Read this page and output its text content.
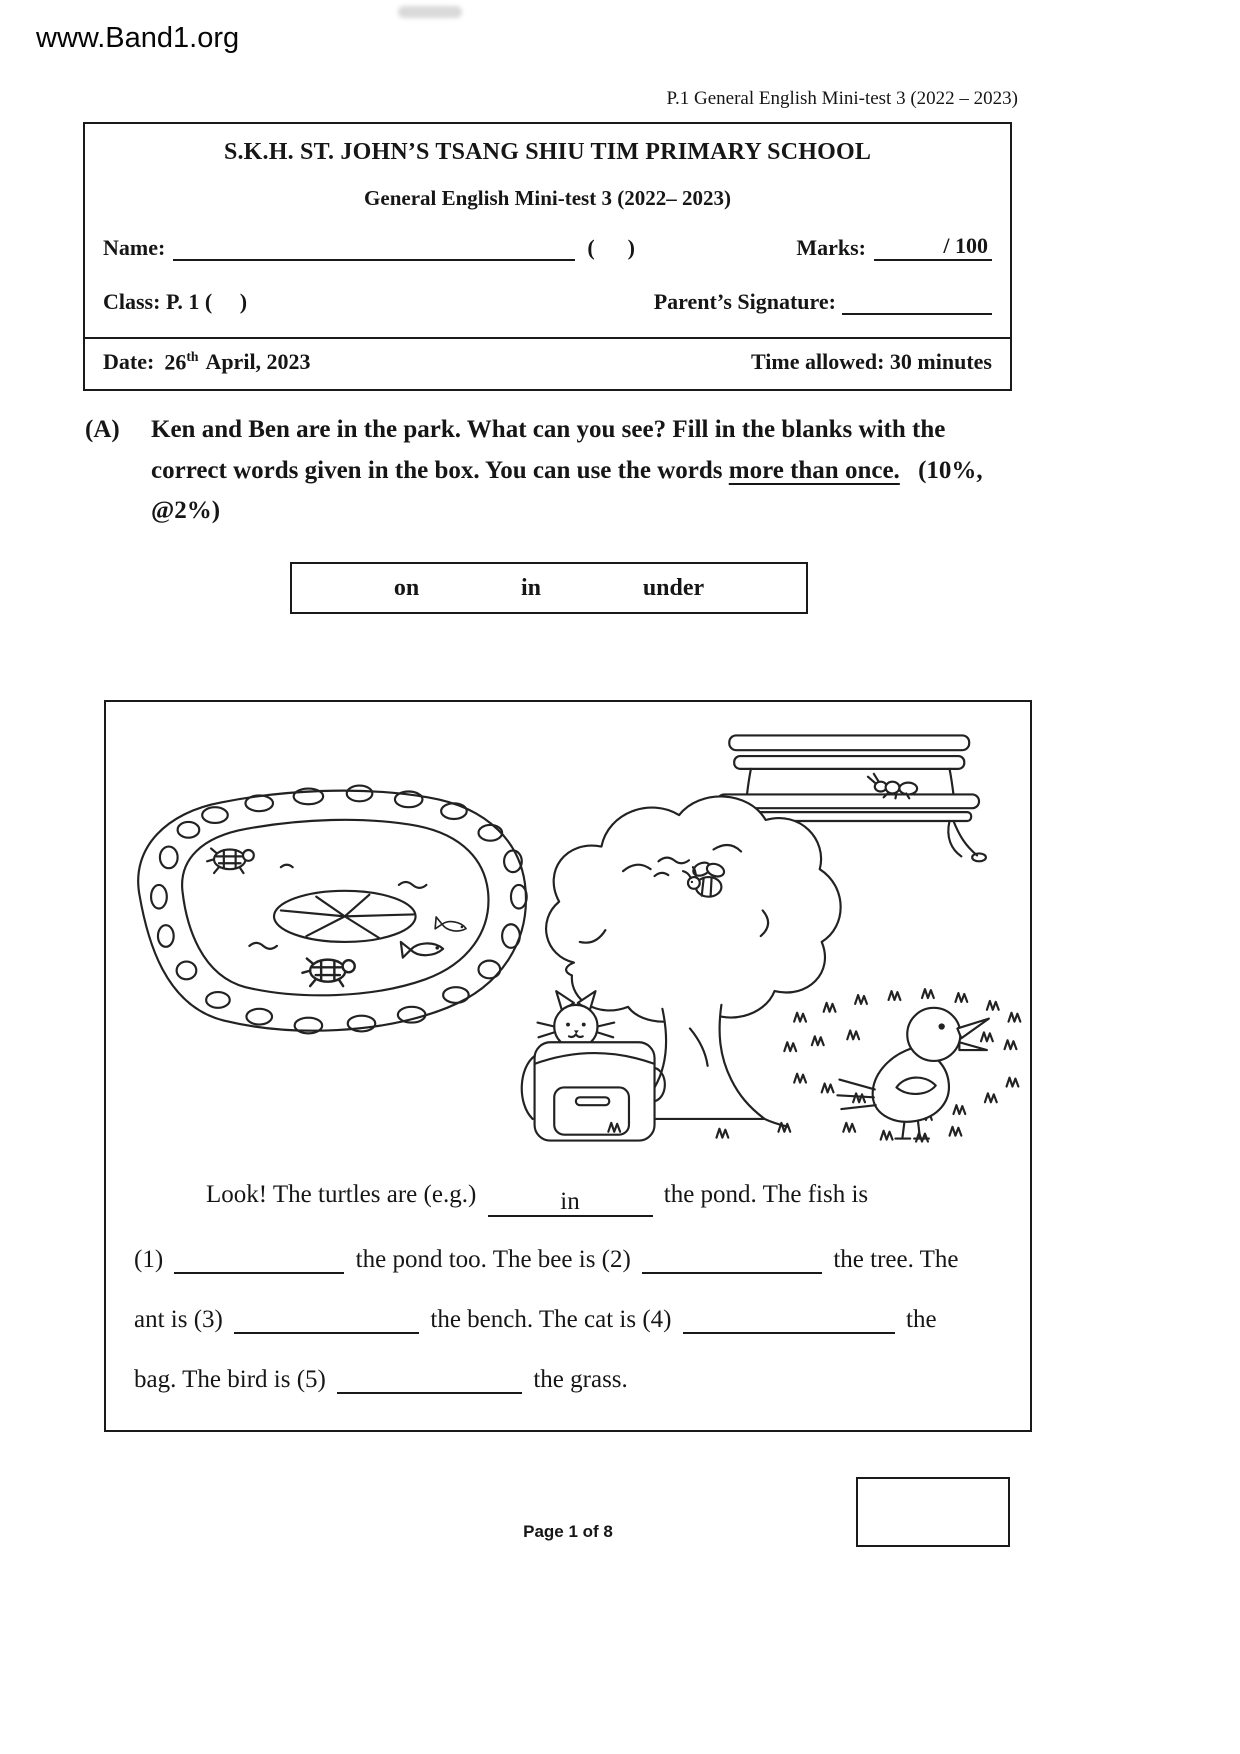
www.Band1.org
P.1 General English Mini-test 3 (2022 – 2023)
S.K.H. ST. JOHN’S TSANG SHIU TIM PRIMARY SCHOOL
General English Mini-test 3 (2022– 2023)
Name:	(      )	Marks:	/ 100
Class: P. 1 (     )	Parent’s Signature:
Date: 26th April, 2023	Time allowed: 30 minutes
(A)	Ken and Ben are in the park. What can you see? Fill in the blanks with the correct words given in the box. You can use the words more than once. (10%, @2%)
on	in	under
Look! The turtles are (e.g.)	in	the pond. The fish is
(1)	the pond too. The bee is (2)	the tree. The
ant is (3)	the bench. The cat is (4)	the
bag. The bird is (5)	the grass.
Page 1 of 8
